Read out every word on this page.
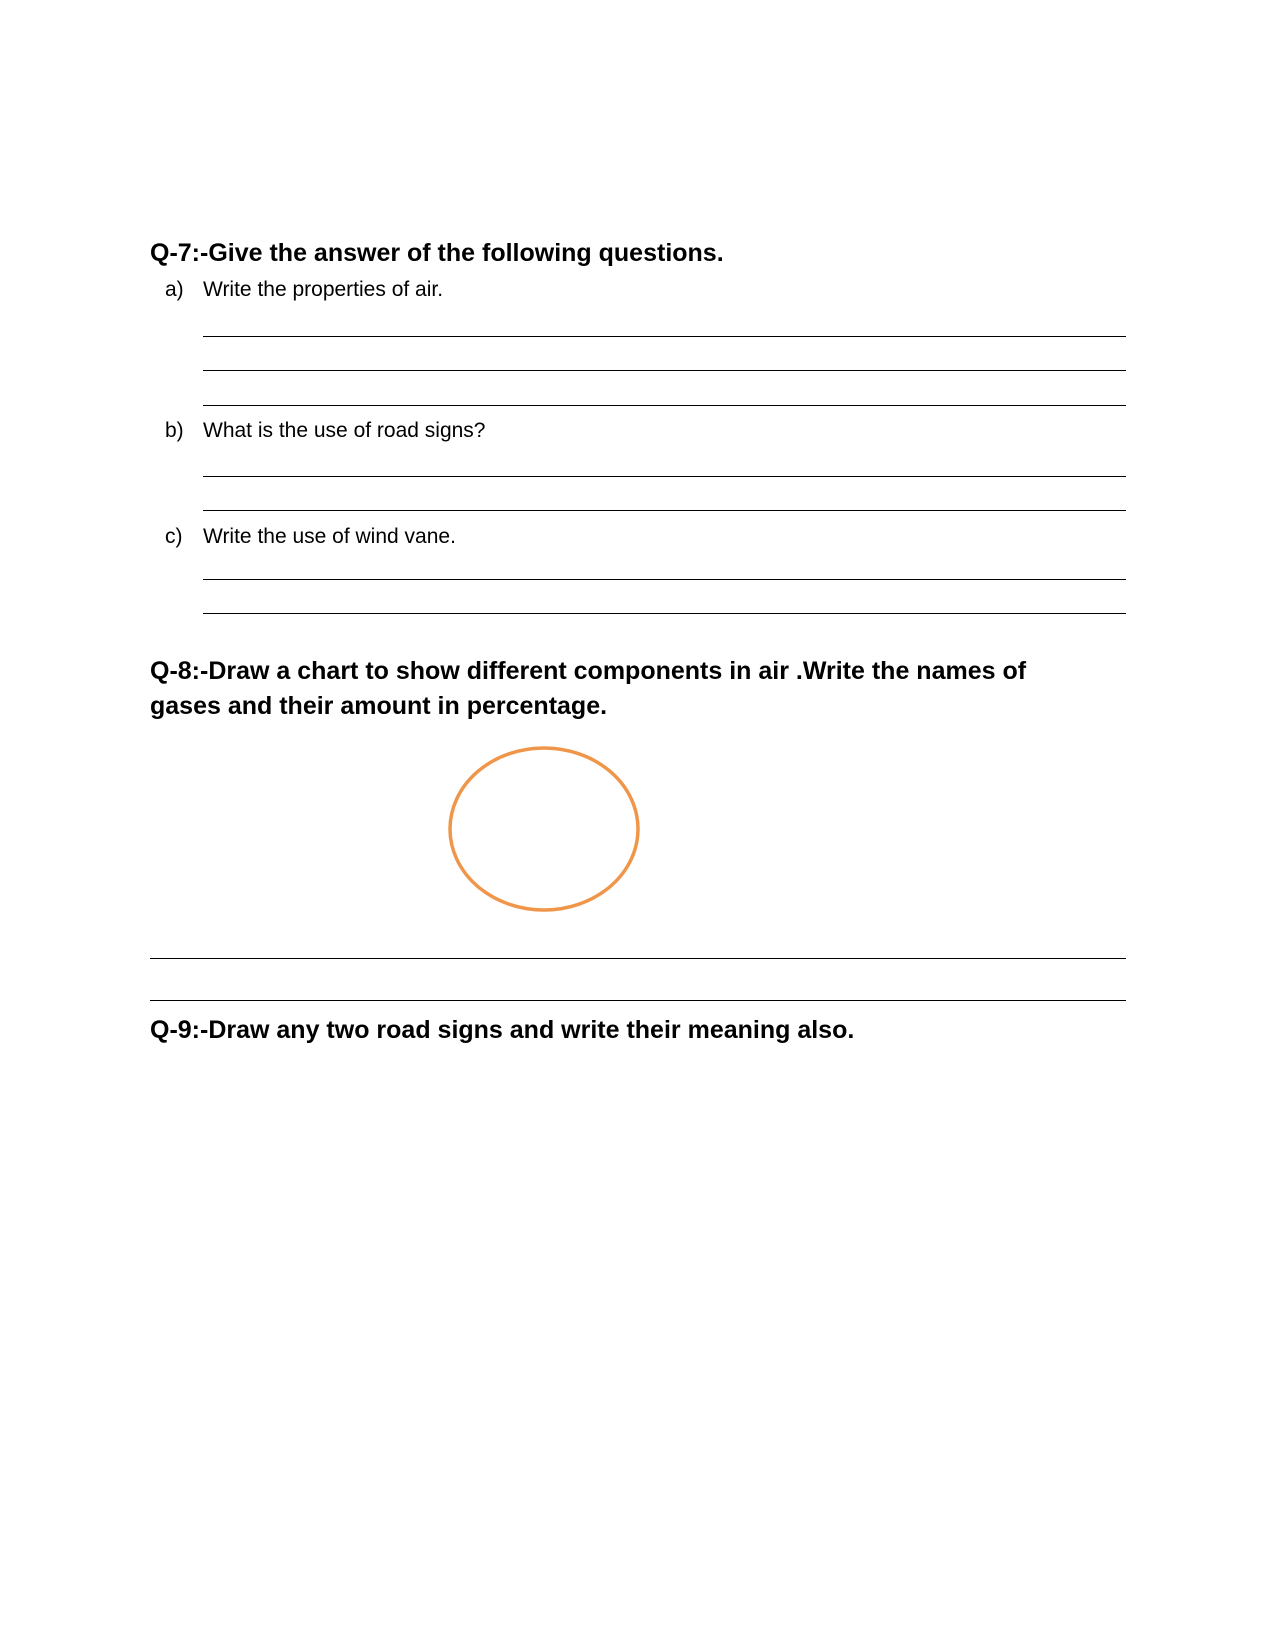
Q-7:-Give the answer of the following questions.
a) Write the properties of air.
b) What is the use of road signs?
c) Write the use of wind vane.
Q-8:-Draw a chart to show different components in air .Write the names of
gases and their amount in percentage.
Q-9:-Draw any two road signs and write their meaning also.
